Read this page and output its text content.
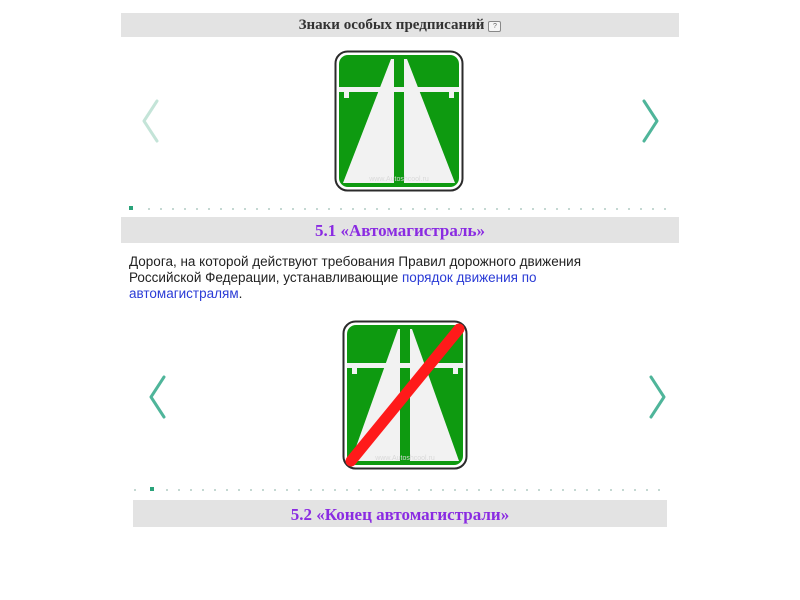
Знаки особых предписаний ?
www.Autoshcool.ru
5.1 «Автомагистраль»
Дорога, на которой действуют требования Правил дорожного движения Российской Федерации, устанавливающие порядок движения по автомагистралям.
www.Autoshcool.ru
5.2 «Конец автомагистрали»
